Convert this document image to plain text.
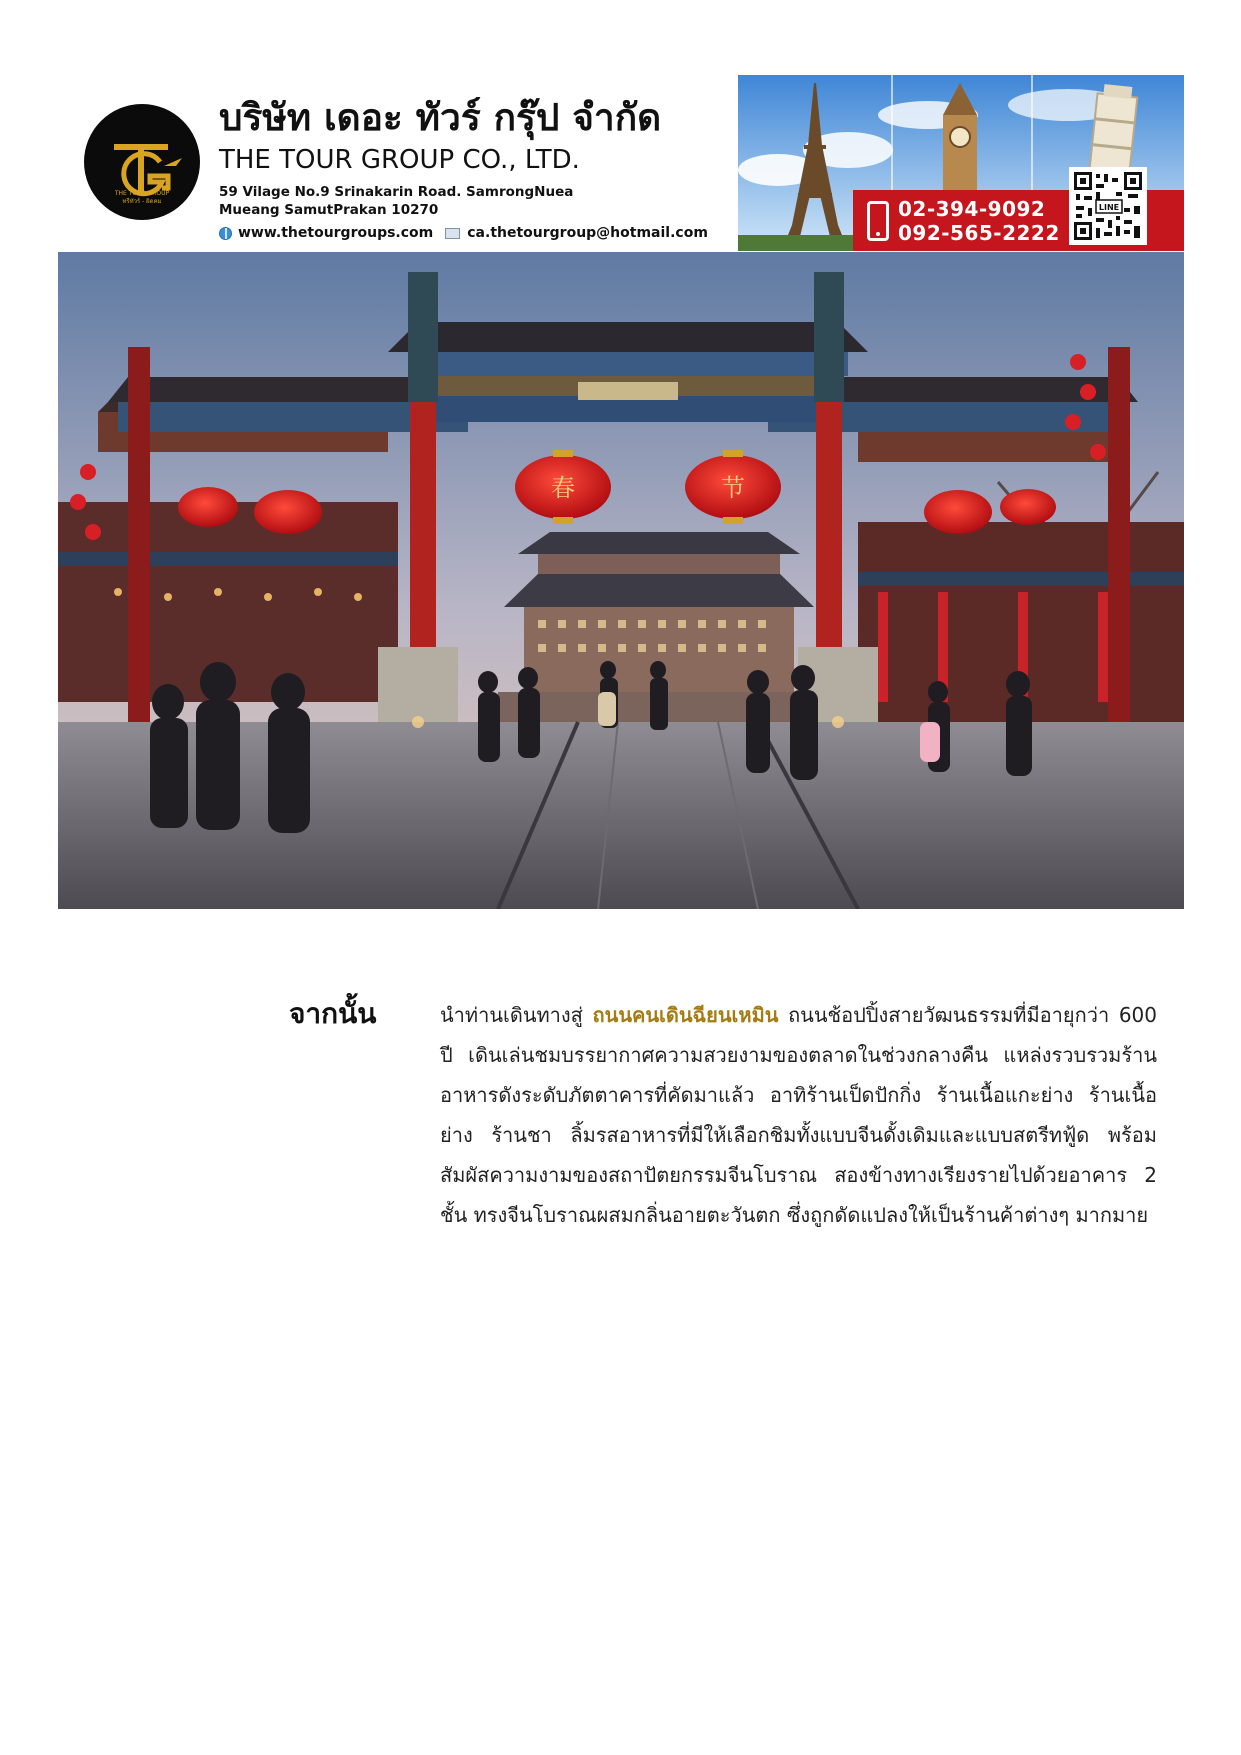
THE TOUR GROUP
ทรีทัวร์ - ผิดคม
บริษัท เดอะ ทัวร์ กรุ๊ป จำกัด
THE TOUR GROUP CO., LTD.
59 Vilage No.9 Srinakarin Road. SamrongNuea
Mueang SamutPrakan 10270
www.thetourgroups.com ca.thetourgroup@hotmail.com
02-394-9092
092-565-2222
LINE
春	节
จากนั้น	นำท่านเดินทางสู่ ถนนคนเดินฉียนเหมิน ถนนช้อปปิ้งสายวัฒนธรรมที่มีอายุกว่า 600 ปี เดินเล่นชมบรรยากาศความสวยงามของตลาดในช่วงกลางคืน แหล่งรวบรวมร้านอาหารดังระดับภัตตาคารที่คัดมาแล้ว อาทิร้านเป็ดปักกิ่ง ร้านเนื้อแกะย่าง ร้านเนื้อย่าง ร้านชา ลิ้มรสอาหารที่มีให้เลือกชิมทั้งแบบจีนดั้งเดิมและแบบสตรีทฟู้ด พร้อมสัมผัสความงามของสถาปัตยกรรมจีนโบราณ สองข้างทางเรียงรายไปด้วยอาคาร 2 ชั้น ทรงจีนโบราณผสมกลิ่นอายตะวันตก ซึ่งถูกดัดแปลงให้เป็นร้านค้าต่างๆ มากมาย
